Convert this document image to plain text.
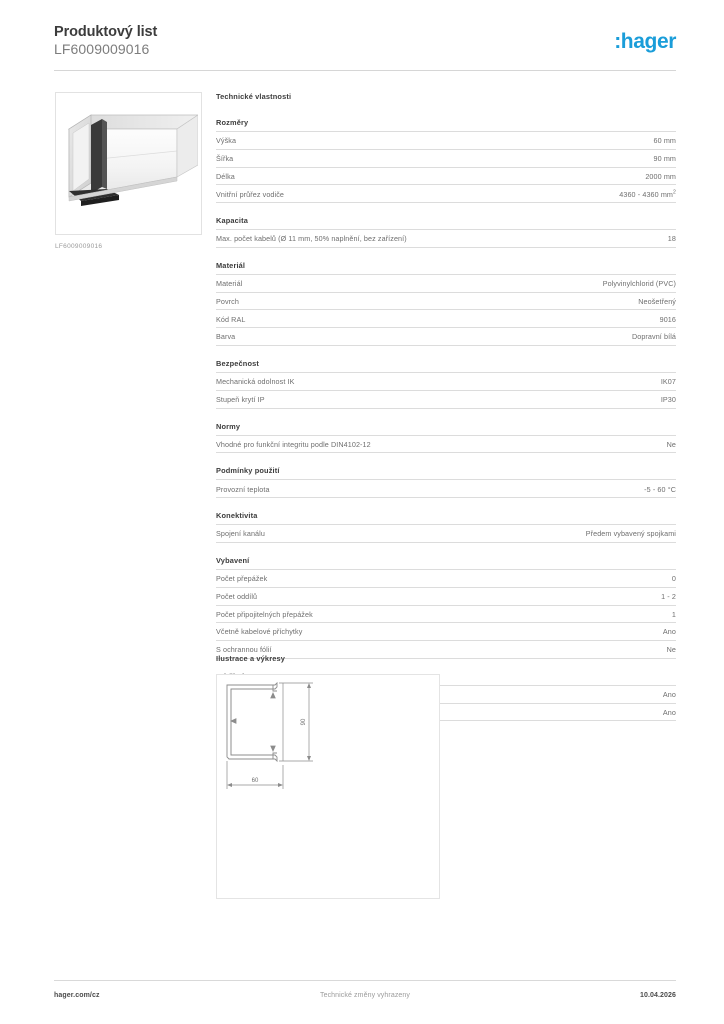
Produktový list
LF6009009016	:hager
LF6009009016
Technické vlastnosti
Rozměry
Výška	60 mm
Šířka	90 mm
Délka	2000 mm
Vnitřní průřez vodiče	4360 - 4360 $mm^2$
Kapacita
Max. počet kabelů (Ø 11 mm, 50% naplnění, bez zařízení)	18
Materiál
Materiál	Polyvinylchlorid (PVC)
Povrch	Neošetřený
Kód RAL	9016
Barva	Dopravní bílá
Bezpečnost
Mechanická odolnost IK	IK07
Stupeň krytí IP	IP30
Normy
Vhodné pro funkční integritu podle DIN4102-12	Ne
Podmínky použití
Provozní teplota	-5 - 60 °C
Konektivita
Spojení kanálu	Předem vybavený spojkami
Vybavení
Počet přepážek	0
Počet oddílů	1 - 2
Počet připojitelných přepážek	1
Včetně kabelové příchytky	Ano
S ochrannou fólií	Ne
Ano
Ano
Ilustrace a výkresy
90
60
hager.com/cz	Technické změny vyhrazeny	10.04.2026
